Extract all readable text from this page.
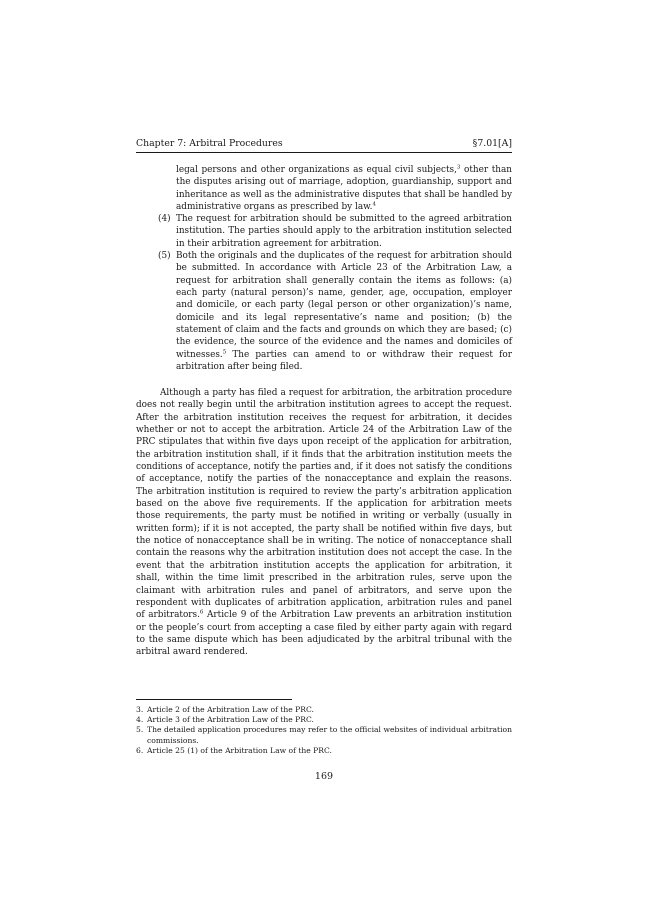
Chapter 7: Arbitral Procedures	§7.01[A]

legal persons and other organizations as equal civil subjects,$^3$ other than the disputes arising out of marriage, adoption, guardianship, support and inheritance as well as the administrative disputes that shall be handled by administrative organs as prescribed by law.$^4$

(4) The request for arbitration should be submitted to the agreed arbitration institution. The parties should apply to the arbitration institution selected in their arbitration agreement for arbitration.
(5) Both the originals and the duplicates of the request for arbitration should be submitted. In accordance with Article 23 of the Arbitration Law, a request for arbitration shall generally contain the items as follows: (a) each party (natural person)’s name, gender, age, occupation, employer and domicile, or each party (legal person or other organization)’s name, domicile and its legal representative’s name and position; (b) the statement of claim and the facts and grounds on which they are based; (c) the evidence, the source of the evidence and the names and domiciles of witnesses.$^5$ The parties can amend to or withdraw their request for arbitration after being filed.

Although a party has filed a request for arbitration, the arbitration procedure does not really begin until the arbitration institution agrees to accept the request. After the arbitration institution receives the request for arbitration, it decides whether or not to accept the arbitration. Article 24 of the Arbitration Law of the PRC stipulates that within five days upon receipt of the application for arbitration, the arbitration institution shall, if it finds that the arbitration institution meets the conditions of acceptance, notify the parties and, if it does not satisfy the conditions of acceptance, notify the parties of the nonacceptance and explain the reasons. The arbitration institution is required to review the party’s arbitration application based on the above five requirements. If the application for arbitration meets those requirements, the party must be notified in writing or verbally (usually in written form); if it is not accepted, the party shall be notified within five days, but the notice of nonacceptance shall be in writing. The notice of nonacceptance shall contain the reasons why the arbitration institution does not accept the case. In the event that the arbitration institution accepts the application for arbitration, it shall, within the time limit prescribed in the arbitration rules, serve upon the claimant with arbitration rules and panel of arbitrators, and serve upon the respondent with duplicates of arbitration application, arbitration rules and panel of arbitrators.$^6$ Article 9 of the Arbitration Law prevents an arbitration institution or the people’s court from accepting a case filed by either party again with regard to the same dispute which has been adjudicated by the arbitral tribunal with the arbitral award rendered.

3. Article 2 of the Arbitration Law of the PRC.
4. Article 3 of the Arbitration Law of the PRC.
5. The detailed application procedures may refer to the official websites of individual arbitration commissions.
6. Article 25 (1) of the Arbitration Law of the PRC.
169
